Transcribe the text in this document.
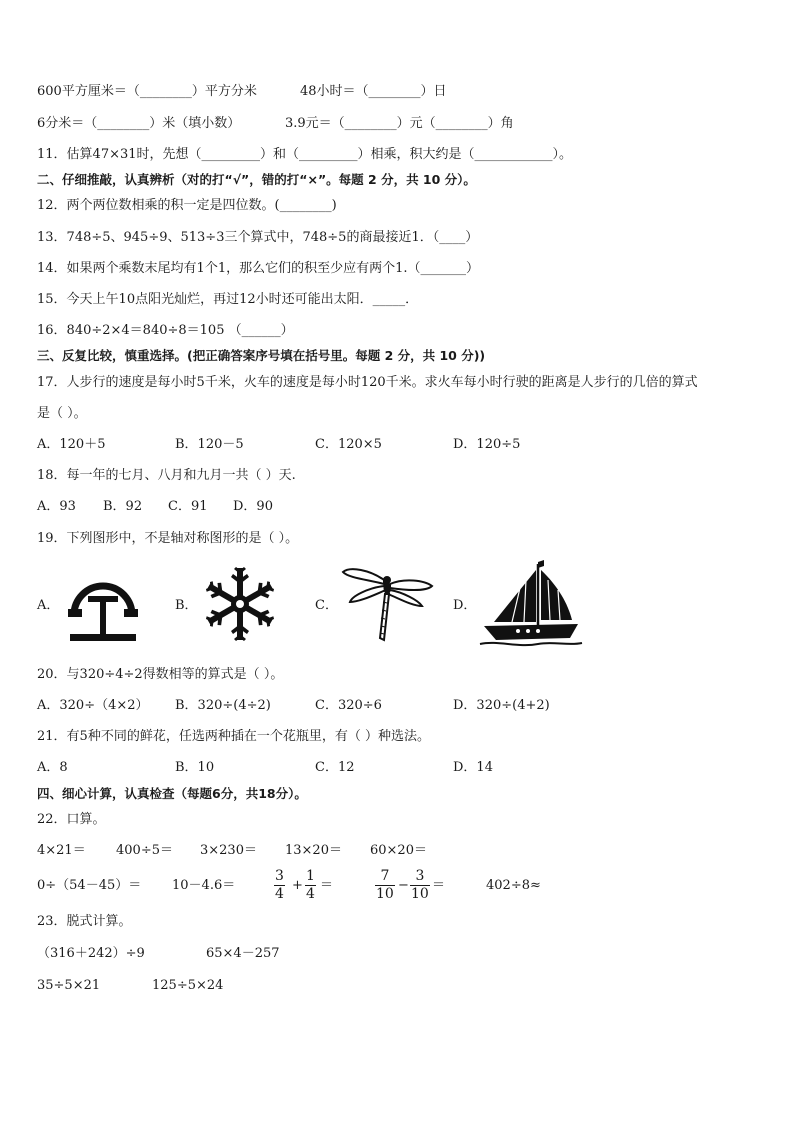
600平方厘米＝（________）平方分米	48小时＝（________）日
6分米＝（________）米（填小数）	3.9元＝（________）元（________）角
11．估算47×31时，先想（_________）和（_________）相乘，积大约是（____________）。
二、仔细推敲，认真辨析（对的打“√”，错的打“×”。每题 2 分，共 10 分）。
12．两个两位数相乘的积一定是四位数。(________)
13．748÷5、945÷9、513÷3三个算式中，748÷5的商最接近1．（____）
14．如果两个乘数末尾均有1个1，那么它们的积至少应有两个1.（_______）
15．今天上午10点阳光灿烂，再过12小时还可能出太阳．_____．
16．840÷2×4＝840÷8＝105 （______）
三、反复比较，慎重选择。(把正确答案序号填在括号里。每题 2 分，共 10 分))
17．人步行的速度是每小时5千米，火车的速度是每小时120千米。求火车每小时行驶的距离是人步行的几倍的算式
是（ ）。
A．120＋5	B．120－5	C．120×5	D．120÷5
18．每一年的七月、八月和九月一共（ ）天.
A．93 B．92 C．91 D．90
19．下列图形中，不是轴对称图形的是（ ）。
A．	B．	C．	D．
20．与320÷4÷2得数相等的算式是（ ）。
A．320÷（4×2） B．320÷(4÷2)	C．320÷6	D．320÷(4+2)
21．有5种不同的鲜花，任选两种插在一个花瓶里，有（ ）种选法。
A．8	B．10	C．12	D．14
四、细心计算，认真检查（每题6分，共18分）。
22．口算。
4×21＝ 400÷5＝ 3×230＝ 13×20＝ 60×20＝
0÷（54－45）＝ 10－4.6＝	$\frac{3}{4} + \frac{1}{4}$ ＝	$\frac{7}{10} - \frac{3}{10}$ ＝	402÷8≈
23．脱式计算。
（316＋242）÷9	65×4－257
35÷5×21	125÷5×24
